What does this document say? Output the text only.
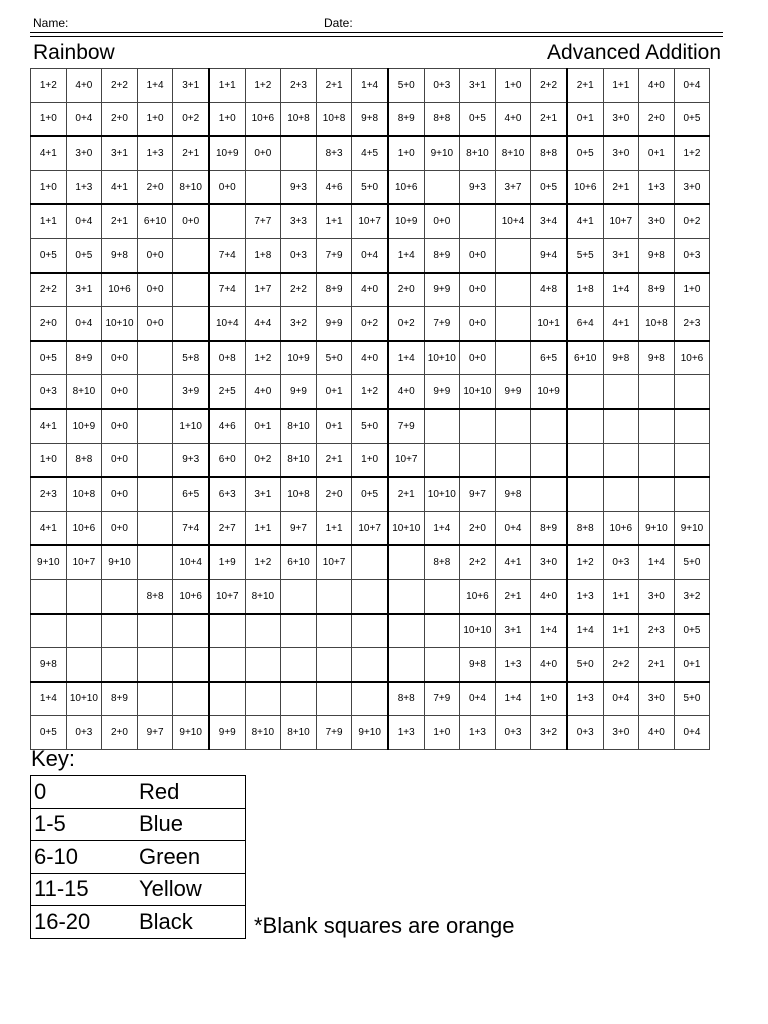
Name:	Date:
Rainbow	Advanced Addition
1+2	4+0	2+2	1+4	3+1	1+1	1+2	2+3	2+1	1+4	5+0	0+3	3+1	1+0	2+2	2+1	1+1	4+0	0+4
1+0	0+4	2+0	1+0	0+2	1+0	10+6	10+8	10+8	9+8	8+9	8+8	0+5	4+0	2+1	0+1	3+0	2+0	0+5
4+1	3+0	3+1	1+3	2+1	10+9	0+0		8+3	4+5	1+0	9+10	8+10	8+10	8+8	0+5	3+0	0+1	1+2
1+0	1+3	4+1	2+0	8+10	0+0		9+3	4+6	5+0	10+6		9+3	3+7	0+5	10+6	2+1	1+3	3+0
1+1	0+4	2+1	6+10	0+0		7+7	3+3	1+1	10+7	10+9	0+0		10+4	3+4	4+1	10+7	3+0	0+2
0+5	0+5	9+8	0+0		7+4	1+8	0+3	7+9	0+4	1+4	8+9	0+0		9+4	5+5	3+1	9+8	0+3
2+2	3+1	10+6	0+0		7+4	1+7	2+2	8+9	4+0	2+0	9+9	0+0		4+8	1+8	1+4	8+9	1+0
2+0	0+4	10+10	0+0		10+4	4+4	3+2	9+9	0+2	0+2	7+9	0+0		10+1	6+4	4+1	10+8	2+3
0+5	8+9	0+0		5+8	0+8	1+2	10+9	5+0	4+0	1+4	10+10	0+0		6+5	6+10	9+8	9+8	10+6
0+3	8+10	0+0		3+9	2+5	4+0	9+9	0+1	1+2	4+0	9+9	10+10	9+9	10+9				
4+1	10+9	0+0		1+10	4+6	0+1	8+10	0+1	5+0	7+9								
1+0	8+8	0+0		9+3	6+0	0+2	8+10	2+1	1+0	10+7								
2+3	10+8	0+0		6+5	6+3	3+1	10+8	2+0	0+5	2+1	10+10	9+7	9+8					
4+1	10+6	0+0		7+4	2+7	1+1	9+7	1+1	10+7	10+10	1+4	2+0	0+4	8+9	8+8	10+6	9+10	9+10
9+10	10+7	9+10		10+4	1+9	1+2	6+10	10+7			8+8	2+2	4+1	3+0	1+2	0+3	1+4	5+0
			8+8	10+6	10+7	8+10						10+6	2+1	4+0	1+3	1+1	3+0	3+2
												10+10	3+1	1+4	1+4	1+1	2+3	0+5
9+8												9+8	1+3	4+0	5+0	2+2	2+1	0+1
1+4	10+10	8+9								8+8	7+9	0+4	1+4	1+0	1+3	0+4	3+0	5+0
0+5	0+3	2+0	9+7	9+10	9+9	8+10	8+10	7+9	9+10	1+3	1+0	1+3	0+3	3+2	0+3	3+0	4+0	0+4
Key:
0	Red
1-5	Blue
6-10	Green
11-15	Yellow
16-20	Black	*Blank squares are orange
